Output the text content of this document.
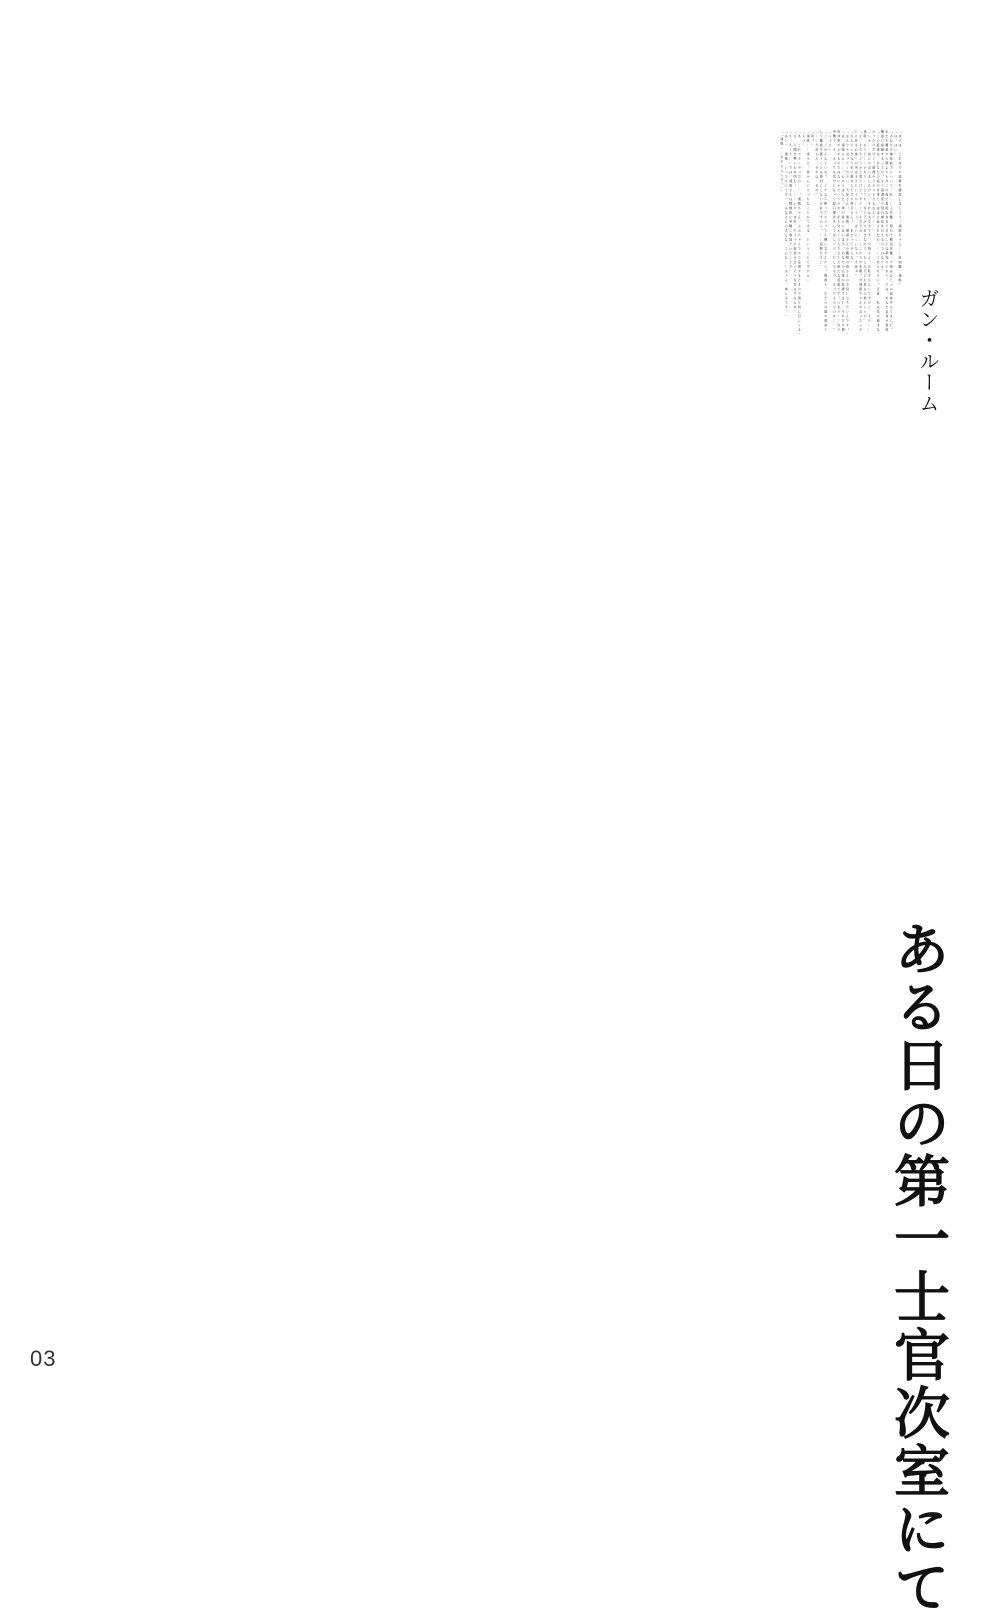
ある日の第一士官次室にて
ガン・ルーム
「まずは、これまでの経緯を確認しましょう。速吸ちゃん……給油艦・速吸」
「は、はい」
「あなたの補給能力について、私……工作艦・明石と軽巡洋艦・夕張はひとつの仮説を立てました。
私たち艦娘が人間よりも多くの面で霊的な存在であることは承知のとおり。では、あなた自身が直接
艦娘に接触することで、より高濃度の経口補給を行えるのではないか」
「この仮説は、あなたの協力を得て、ほぼ立証されたわ。……ごめんなさい。正直、私は気が進まな
かったのだけど。無理やりキスさせるなんて……」
「いえ……前にも言いましたけど、それは大丈夫です、夕張さん。お恥ずかしいですけど、その……
速吸、わりと……かなり……とても、女の子が大好きなので。むしろ天にも昇る心地というか」
「そ、それもどうかと思うけど。オホン。それでね……ここからが本題。今速吸ちゃんが言った『天
にも昇る心地』が実はキモというか……うぅ、言いにくいなぁ。大淀ぉ」
「なんでいきなり私に振るんですか明石さん！　私だってそんな」
「なんでも言ってください、大淀さん！　速吸、提督さんや艦隊の皆さんのお役に立ちたいんです！」
「は、速吸さん……。わかりました。単刀直入に言います。あなたの心身が高揚すると、それだけ補
給効率が上がるのではないかというのが、私も交えて三人で立てた新たな仮説です。つまり……次の
実験で、え、えっちな気分になって経口補給をしてほしいの。むしろその、えっちそのものを……」
「ふぇ⁉」
「ご、ごめんなさいね？　イヤなら断ってもらっても構いませんから。提督も、ただの兵器や道具と
して艦娘を扱うことは絶対にしない方針ですから。……変態だけど」
「……大淀さん。それは、あの」
「何？」
「速吸……堂々と、皆さんにえっちなことができる、ということですか⁉」
「えっ」
「あ、これアカンやつだわ……。速吸ちゃん、さみちゃんでエロ妄想するときの夕張と同じ目してる」
「ひ、人聞き悪いわね明石！　……いや、まあ、ちょっと波長が合いそうな気はするわね」
「え、えーと……では、速吸さんは積極的に実験に参加ということで」
「はい！　速吸、いつでもどうぞ！　みなさんのあんな、こんな……はぁん、楽しみです！」
「「速吸……おそろしい子！」」
03
